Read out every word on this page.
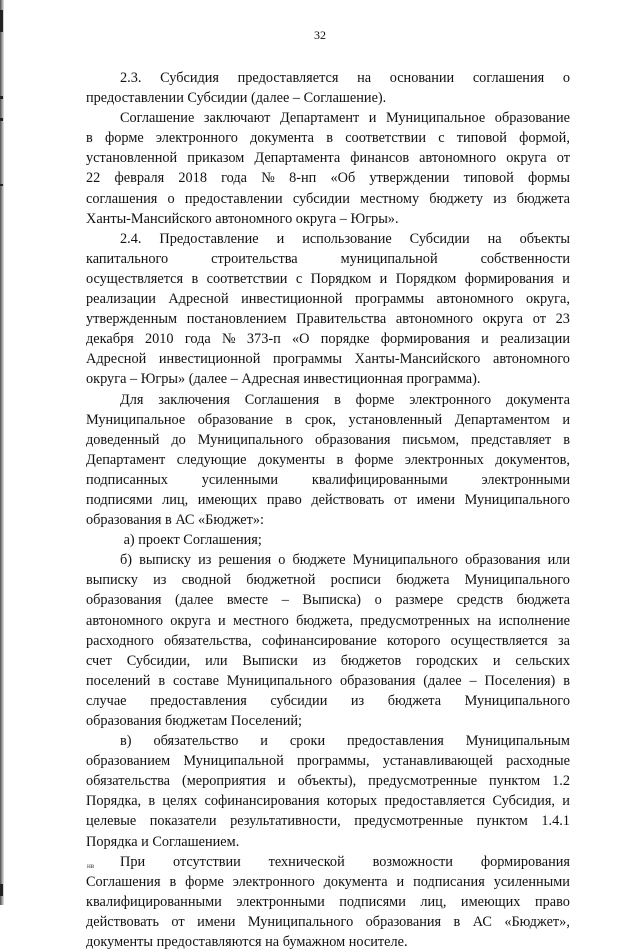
32
2.3. Субсидия предоставляется на основании соглашения о
предоставлении Субсидии (далее – Соглашение).
Соглашение заключают Департамент и Муниципальное образование
в форме электронного документа в соответствии с типовой формой,
установленной приказом Департамента финансов автономного округа от
22 февраля 2018 года № 8-нп «Об утверждении типовой формы
соглашения о предоставлении субсидии местному бюджету из бюджета
Ханты-Мансийского автономного округа – Югры».
2.4. Предоставление и использование Субсидии на объекты
капитального	строительства	муниципальной	собственности
осуществляется в соответствии с Порядком и Порядком формирования и
реализации Адресной инвестиционной программы автономного округа,
утвержденным постановлением Правительства автономного округа от 23
декабря 2010 года № 373-п «О порядке формирования и реализации
Адресной инвестиционной программы Ханты-Мансийского автономного
округа – Югры» (далее – Адресная инвестиционная программа).
Для заключения Соглашения в форме электронного документа
Муниципальное образование в срок, установленный Департаментом и
доведенный до Муниципального образования письмом, представляет в
Департамент следующие документы в форме электронных документов,
подписанных усиленными квалифицированными электронными
подписями лиц, имеющих право действовать от имени Муниципального
образования в АС «Бюджет»:
а) проект Соглашения;
б) выписку из решения о бюджете Муниципального образования или
выписку из сводной бюджетной росписи бюджета Муниципального
образования (далее вместе – Выписка) о размере средств бюджета
автономного округа и местного бюджета, предусмотренных на исполнение
расходного обязательства, софинансирование которого осуществляется за
счет Субсидии, или Выписки из бюджетов городских и сельских
поселений в составе Муниципального образования (далее – Поселения) в
случае предоставления субсидии из бюджета Муниципального
образования бюджетам Поселений;
в) обязательство и сроки предоставления Муниципальным
образованием Муниципальной программы, устанавливающей расходные
обязательства (мероприятия и объекты), предусмотренные пунктом 1.2
Порядка, в целях софинансирования которых предоставляется Субсидия, и
целевые показатели результативности, предусмотренные пунктом 1.4.1
Порядка и Соглашением.
При отсутствии технической возможности формирования
Соглашения в форме электронного документа и подписания усиленными
квалифицированными электронными подписями лиц, имеющих право
действовать от имени Муниципального образования в АС «Бюджет»,
документы предоставляются на бумажном носителе.
нв
